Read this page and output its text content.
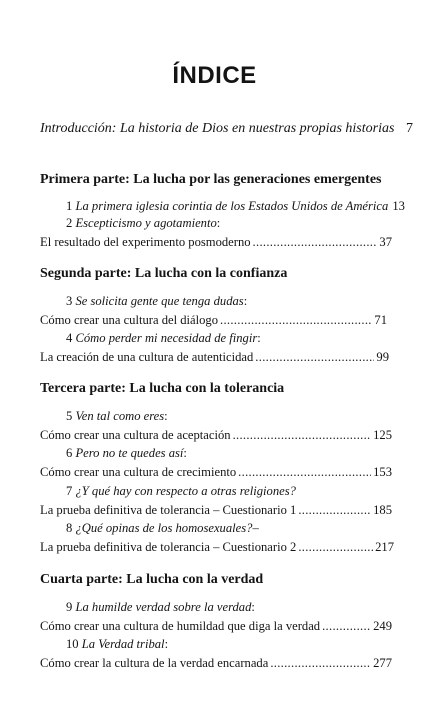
ÍNDICE
Introducción: La historia de Dios en nuestras propias historias 7
Primera parte: La lucha por las generaciones emergentes
1
La primera iglesia corintia de los Estados Unidos de América 13
2
Escepticismo y agotamiento :
El resultado del experimento posmoderno .....	37
Segunda parte: La lucha con la confianza
3
Se solicita gente que tenga dudas :
Cómo crear una cultura del diálogo .....	71
4
Cómo perder mi necesidad de fingir :
La creación de una cultura de autenticidad .....	99
Tercera parte: La lucha con la tolerancia
5
Ven tal como eres :
Cómo crear una cultura de aceptación .....	125
6
Pero no te quedes así :
Cómo crear una cultura de crecimiento .....	153
7
¿Y qué hay con respecto a otras religiones?
La prueba definitiva de tolerancia – Cuestionario 1 .....	185
8
¿Qué opinas de los homosexuales? –
La prueba definitiva de tolerancia – Cuestionario 2 .....	217
Cuarta parte: La lucha con la verdad
9
La humilde verdad sobre la verdad :
Cómo crear una cultura de humildad que diga la verdad .....	249
10
La Verdad tribal :
Cómo crear la cultura de la verdad encarnada .....	277
